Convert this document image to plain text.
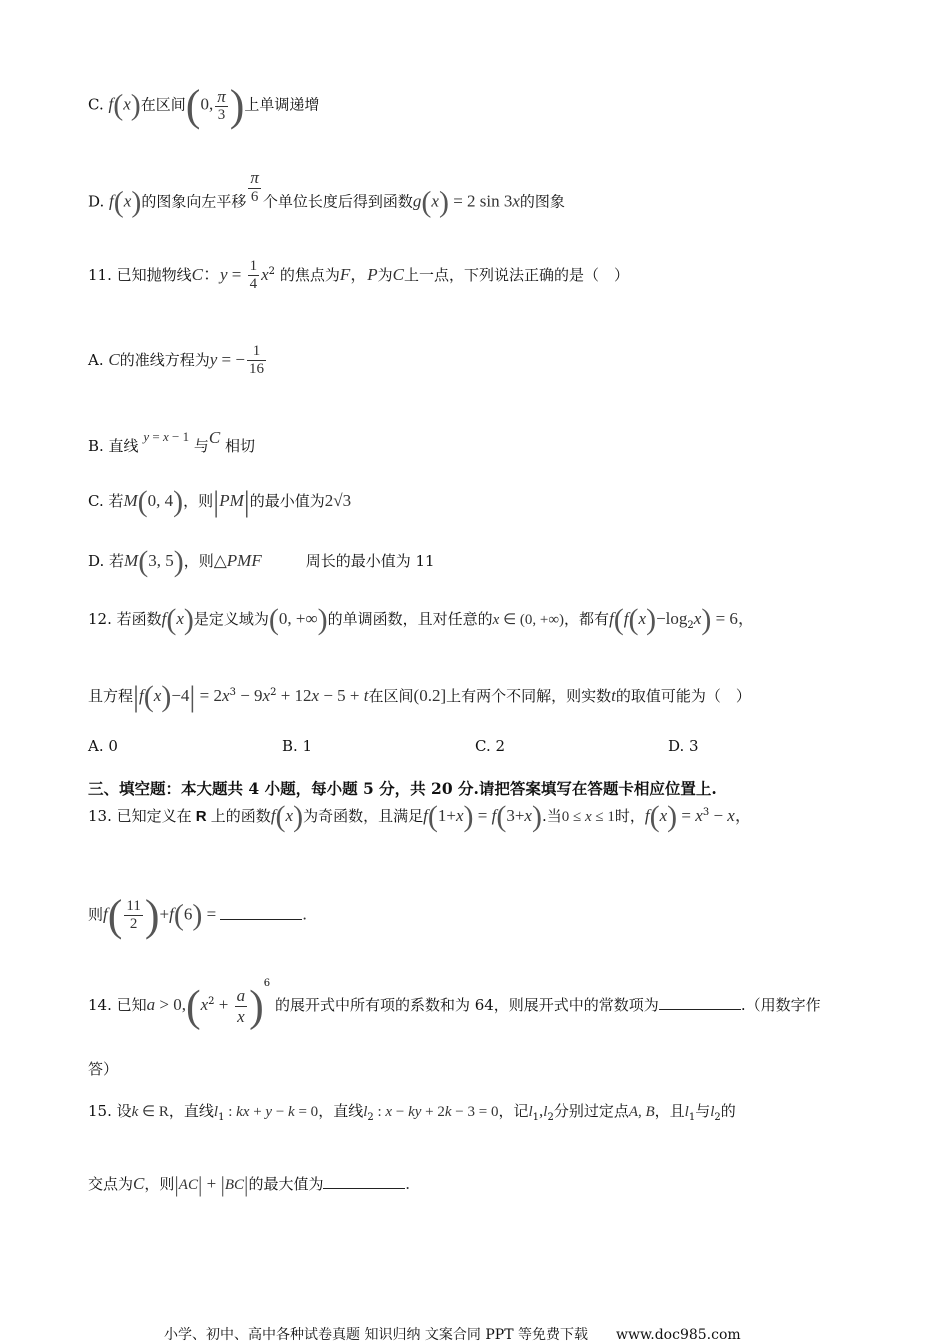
C. f(x)在区间(0, $\frac{\pi}{3}$ )上单调递增
D. f(x)的图象向左平移 $\frac{\pi}{6}$ 个单位长度后得到函数g(x) = 2 sin 3x的图象
11. 已知抛物线C：$y = \frac{1}{4} x^2$ 的焦点为F，P为C上一点，下列说法正确的是（　）
A. C的准线方程为y = − $\frac{1}{16}$
B. 直线 y = x − 1 与C 相切
C. 若M(0, 4)，则|PM|的最小值为2√3
D. 若M(3, 5)，则△PMF	周长的最小值为 11
12. 若函数f(x)是定义域为(0, +∞)的单调函数，且对任意的x ∈ (0, +∞)，都有$f(f(x)-\log_2x) = 6$，
且方程$|f(x)-4| = 2x^3 - 9x^2 + 12x - 5 + t$在区间(0.2]上有两个不同解，则实数t的取值可能为（　）
A. 0	B. 1	C. 2	D. 3
三、填空题：本大题共 4 小题，每小题 5 分，共 20 分.请把答案填写在答题卡相应位置上.
13. 已知定义在 R 上的函数f(x)为奇函数，且满足f(1+x) = f(3+x).当0 ≤ x ≤ 1时，$f(x) = x^3 - x$，
则$f( \frac{11}{2} )+f(6)$ =	.
14. 已知$a > 0,(x^2 + \frac{a}{x} )^6$ 的展开式中所有项的系数和为 64，则展开式中的常数项为	.（用数字作
答）
15. 设k ∈ R，直线$l_1$ : kx + y − k = 0，直线$l_2$ : x − ky + 2k − 3 = 0，记$l_1,l_2$分别过定点A, B，且$l_1$与$l_2$的
交点为C，则|AC| + |BC|的最大值为	.
小学、初中、高中各种试卷真题 知识归纳 文案合同 PPT 等免费下载　　www.doc985.com
